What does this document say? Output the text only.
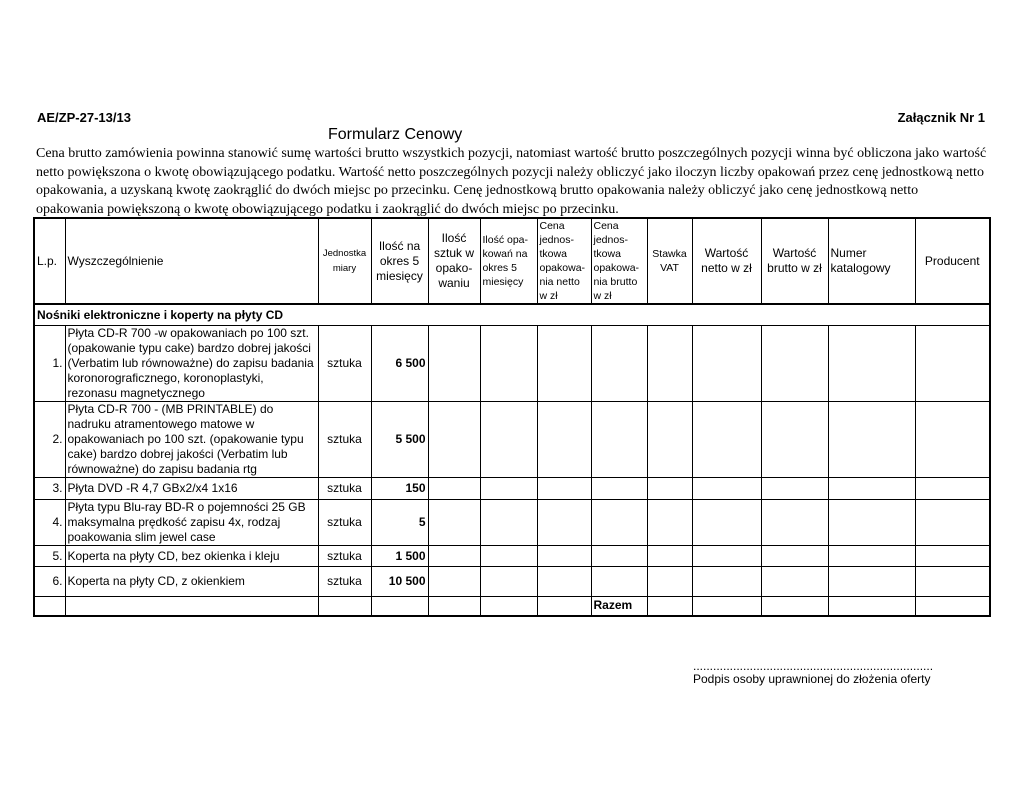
AE/ZP-27-13/13	Załącznik Nr 1
Formularz Cenowy
Cena brutto zamówienia powinna stanowić sumę wartości brutto wszystkich pozycji, natomiast wartość brutto poszczególnych pozycji winna być obliczona jako wartość netto powiększona o kwotę obowiązującego podatku. Wartość netto poszczególnych pozycji należy obliczyć jako iloczyn liczby opakowań przez cenę jednostkową netto opakowania, a uzyskaną kwotę zaokrąglić do dwóch miejsc po przecinku. Cenę jednostkową brutto opakowania należy obliczyć jako cenę jednostkową netto opakowania powiększoną o kwotę obowiązującego podatku i zaokrąglić do dwóch miejsc po przecinku.
L.p.	Wyszczególnienie	Jednostka miary	Ilość na okres 5 miesięcy	Ilość sztuk w opako-waniu	Ilość opa-kowań na okres 5 miesięcy	Cena jednos-tkowa opakowa-nia netto w zł	Cena jednos-tkowa opakowa-nia brutto w zł	Stawka VAT	Wartość netto w zł	Wartość brutto w zł	Numer katalogowy	Producent
Nośniki elektroniczne i koperty na płyty CD												
1.	Płyta CD-R 700 -w opakowaniach po 100 szt. (opakowanie typu cake) bardzo dobrej jakości (Verbatim lub równoważne) do zapisu badania koronorograficznego, koronoplastyki, rezonasu magnetycznego	sztuka	6 500									
2.	Płyta CD-R 700 - (MB PRINTABLE) do nadruku atramentowego matowe w opakowaniach po 100 szt. (opakowanie typu cake) bardzo dobrej jakości (Verbatim lub równoważne) do zapisu badania rtg	sztuka	5 500									
3.	Płyta DVD -R 4,7 GBx2/x4 1x16	sztuka	150									
4.	Płyta typu Blu-ray BD-R o pojemności 25 GB maksymalna prędkość zapisu 4x, rodzaj poakowania slim jewel case	sztuka	5									
5.	Koperta na płyty CD, bez okienka i kleju	sztuka	1 500									
6.	Koperta na płyty CD, z okienkiem	sztuka	10 500									
							Razem					
........................................................................
Podpis osoby uprawnionej do złożenia oferty
